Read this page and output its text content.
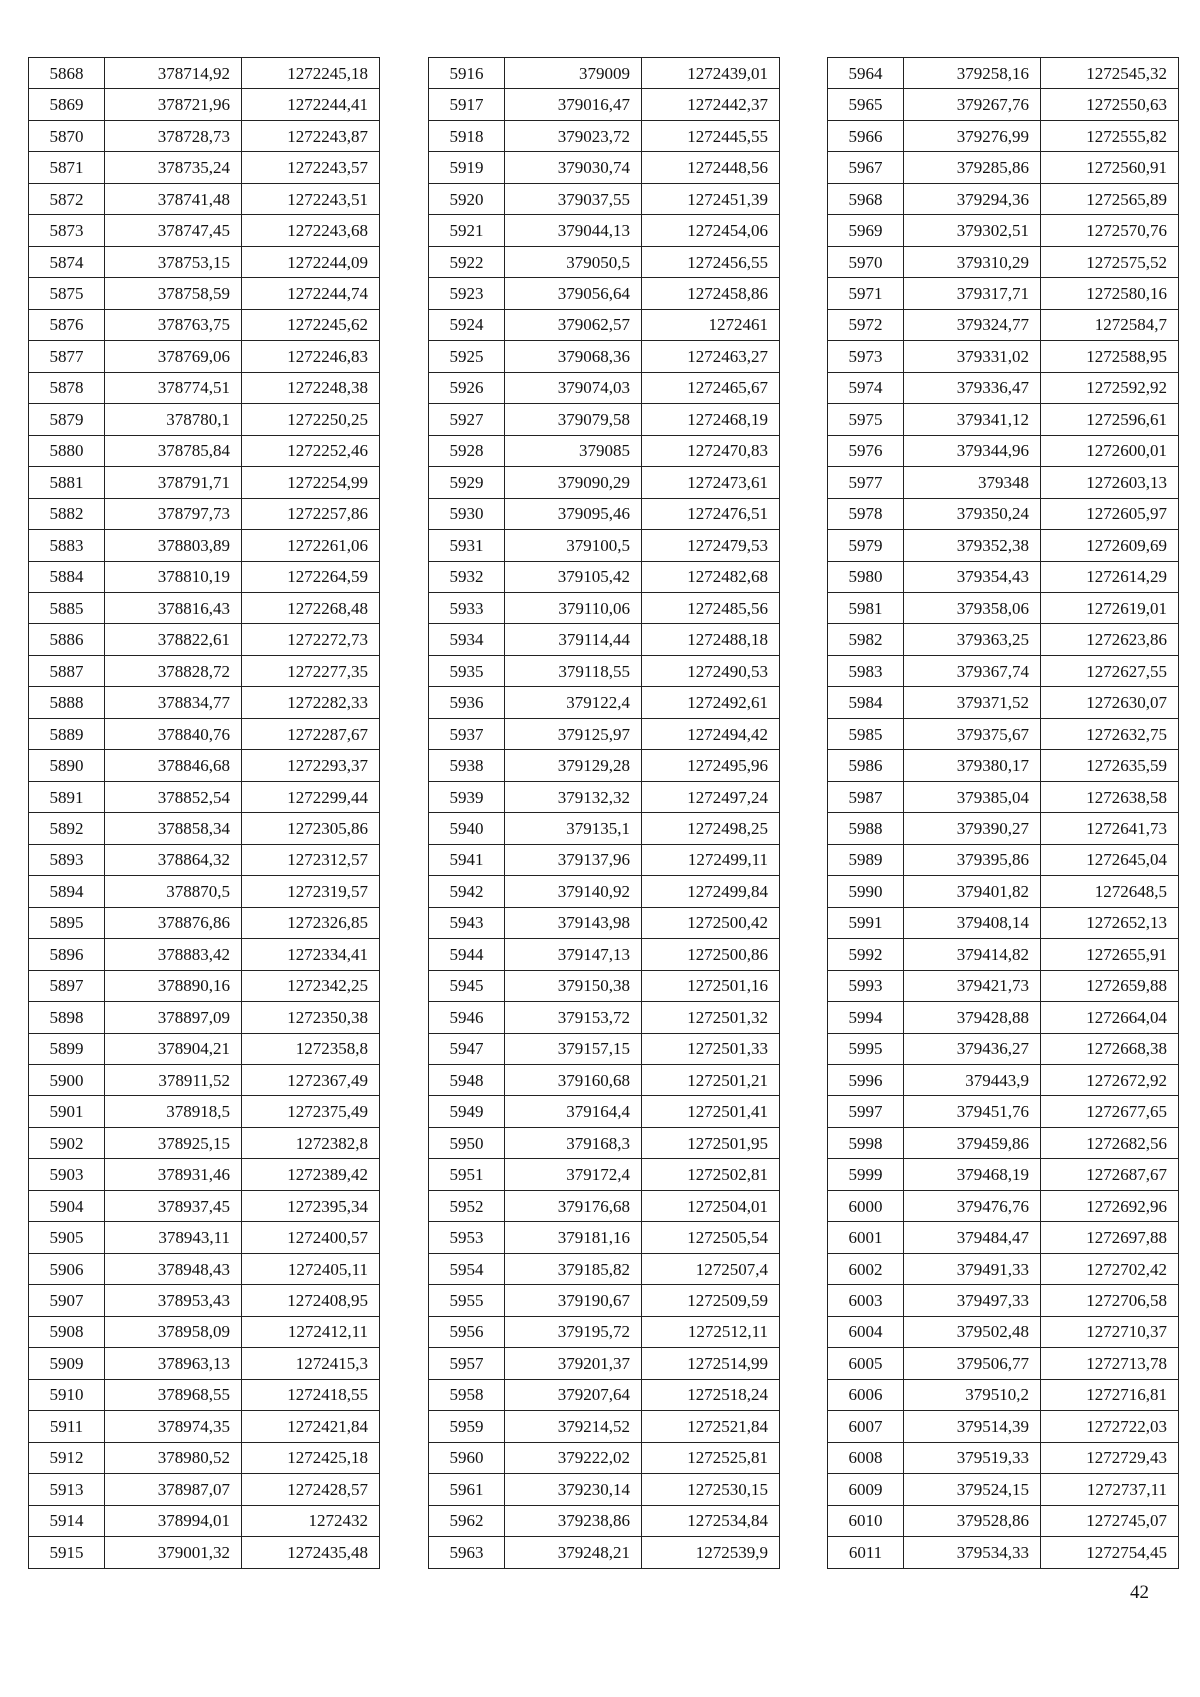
5868	378714,92	1272245,18
5869	378721,96	1272244,41
5870	378728,73	1272243,87
5871	378735,24	1272243,57
5872	378741,48	1272243,51
5873	378747,45	1272243,68
5874	378753,15	1272244,09
5875	378758,59	1272244,74
5876	378763,75	1272245,62
5877	378769,06	1272246,83
5878	378774,51	1272248,38
5879	378780,1	1272250,25
5880	378785,84	1272252,46
5881	378791,71	1272254,99
5882	378797,73	1272257,86
5883	378803,89	1272261,06
5884	378810,19	1272264,59
5885	378816,43	1272268,48
5886	378822,61	1272272,73
5887	378828,72	1272277,35
5888	378834,77	1272282,33
5889	378840,76	1272287,67
5890	378846,68	1272293,37
5891	378852,54	1272299,44
5892	378858,34	1272305,86
5893	378864,32	1272312,57
5894	378870,5	1272319,57
5895	378876,86	1272326,85
5896	378883,42	1272334,41
5897	378890,16	1272342,25
5898	378897,09	1272350,38
5899	378904,21	1272358,8
5900	378911,52	1272367,49
5901	378918,5	1272375,49
5902	378925,15	1272382,8
5903	378931,46	1272389,42
5904	378937,45	1272395,34
5905	378943,11	1272400,57
5906	378948,43	1272405,11
5907	378953,43	1272408,95
5908	378958,09	1272412,11
5909	378963,13	1272415,3
5910	378968,55	1272418,55
5911	378974,35	1272421,84
5912	378980,52	1272425,18
5913	378987,07	1272428,57
5914	378994,01	1272432
5915	379001,32	1272435,48
5916	379009	1272439,01
5917	379016,47	1272442,37
5918	379023,72	1272445,55
5919	379030,74	1272448,56
5920	379037,55	1272451,39
5921	379044,13	1272454,06
5922	379050,5	1272456,55
5923	379056,64	1272458,86
5924	379062,57	1272461
5925	379068,36	1272463,27
5926	379074,03	1272465,67
5927	379079,58	1272468,19
5928	379085	1272470,83
5929	379090,29	1272473,61
5930	379095,46	1272476,51
5931	379100,5	1272479,53
5932	379105,42	1272482,68
5933	379110,06	1272485,56
5934	379114,44	1272488,18
5935	379118,55	1272490,53
5936	379122,4	1272492,61
5937	379125,97	1272494,42
5938	379129,28	1272495,96
5939	379132,32	1272497,24
5940	379135,1	1272498,25
5941	379137,96	1272499,11
5942	379140,92	1272499,84
5943	379143,98	1272500,42
5944	379147,13	1272500,86
5945	379150,38	1272501,16
5946	379153,72	1272501,32
5947	379157,15	1272501,33
5948	379160,68	1272501,21
5949	379164,4	1272501,41
5950	379168,3	1272501,95
5951	379172,4	1272502,81
5952	379176,68	1272504,01
5953	379181,16	1272505,54
5954	379185,82	1272507,4
5955	379190,67	1272509,59
5956	379195,72	1272512,11
5957	379201,37	1272514,99
5958	379207,64	1272518,24
5959	379214,52	1272521,84
5960	379222,02	1272525,81
5961	379230,14	1272530,15
5962	379238,86	1272534,84
5963	379248,21	1272539,9
5964	379258,16	1272545,32
5965	379267,76	1272550,63
5966	379276,99	1272555,82
5967	379285,86	1272560,91
5968	379294,36	1272565,89
5969	379302,51	1272570,76
5970	379310,29	1272575,52
5971	379317,71	1272580,16
5972	379324,77	1272584,7
5973	379331,02	1272588,95
5974	379336,47	1272592,92
5975	379341,12	1272596,61
5976	379344,96	1272600,01
5977	379348	1272603,13
5978	379350,24	1272605,97
5979	379352,38	1272609,69
5980	379354,43	1272614,29
5981	379358,06	1272619,01
5982	379363,25	1272623,86
5983	379367,74	1272627,55
5984	379371,52	1272630,07
5985	379375,67	1272632,75
5986	379380,17	1272635,59
5987	379385,04	1272638,58
5988	379390,27	1272641,73
5989	379395,86	1272645,04
5990	379401,82	1272648,5
5991	379408,14	1272652,13
5992	379414,82	1272655,91
5993	379421,73	1272659,88
5994	379428,88	1272664,04
5995	379436,27	1272668,38
5996	379443,9	1272672,92
5997	379451,76	1272677,65
5998	379459,86	1272682,56
5999	379468,19	1272687,67
6000	379476,76	1272692,96
6001	379484,47	1272697,88
6002	379491,33	1272702,42
6003	379497,33	1272706,58
6004	379502,48	1272710,37
6005	379506,77	1272713,78
6006	379510,2	1272716,81
6007	379514,39	1272722,03
6008	379519,33	1272729,43
6009	379524,15	1272737,11
6010	379528,86	1272745,07
6011	379534,33	1272754,45
42
